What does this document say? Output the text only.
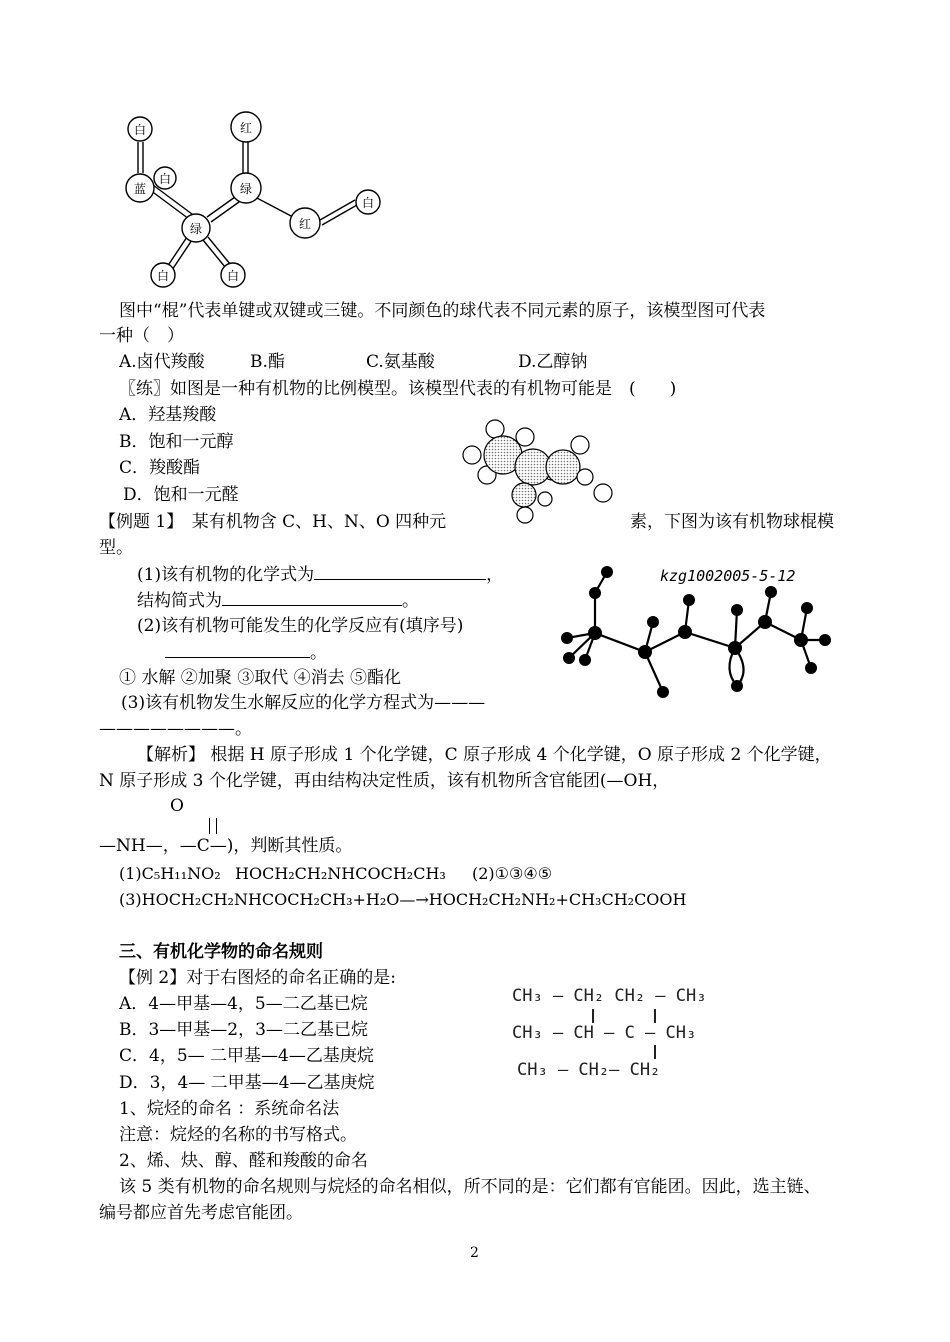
白
蓝
白
绿
白	白
红
绿
红
白
图中“棍”代表单键或双键或三键。不同颜色的球代表不同元素的原子，该模型图可代表
一种（　）
A.卤代羧酸	B.酯	C.氨基酸	D.乙醇钠
〖练〗如图是一种有机物的比例模型。该模型代表的有机物可能是　(　　)
A．羟基羧酸
B．饱和一元醇
C．羧酸酯
D．饱和一元醛
【例题 1】　某有机物含 C、H、N、O 四种元	素，下图为该有机物球棍模
型。
kzg1002005-5-12
(1)该有机物的化学式为	，
结构简式为	。
(2)该有机物可能发生的化学反应有(填序号)
。
① 水解 ②加聚 ③取代 ④消去 ⑤酯化
(3)该有机物发生水解反应的化学方程式为———
————————。
【解析】 根据 H 原子形成 1 个化学键，C 原子形成 4 个化学键，O 原子形成 2 个化学键，
N 原子形成 3 个化学键，再由结构决定性质，该有机物所含官能团(—OH，
O
—NH—，—C—)，判断其性质。
(1)C₅H₁₁NO₂ HOCH₂CH₂NHCOCH₂CH₃ (2)①③④⑤
(3)HOCH₂CH₂NHCOCH₂CH₃+H₂O—→HOCH₂CH₂NH₂+CH₃CH₂COOH
三、有机化学物的命名规则
【例 2】对于右图烃的命名正确的是:
A．4—甲基—4，5—二乙基已烷
B．3—甲基—2，3—二乙基已烷
C．4，5— 二甲基—4—乙基庚烷
D．3，4— 二甲基—4—乙基庚烷
CH₃ — CH₂ CH₂ — CH₃
CH₃ — CH — C — CH₃
CH₃ — CH₂— CH₂
1、烷烃的命名 ：系统命名法
注意：烷烃的名称的书写格式。
2、烯、炔、醇、醛和羧酸的命名
该 5 类有机物的命名规则与烷烃的命名相似，所不同的是：它们都有官能团。因此，选主链、
编号都应首先考虑官能团。
2
